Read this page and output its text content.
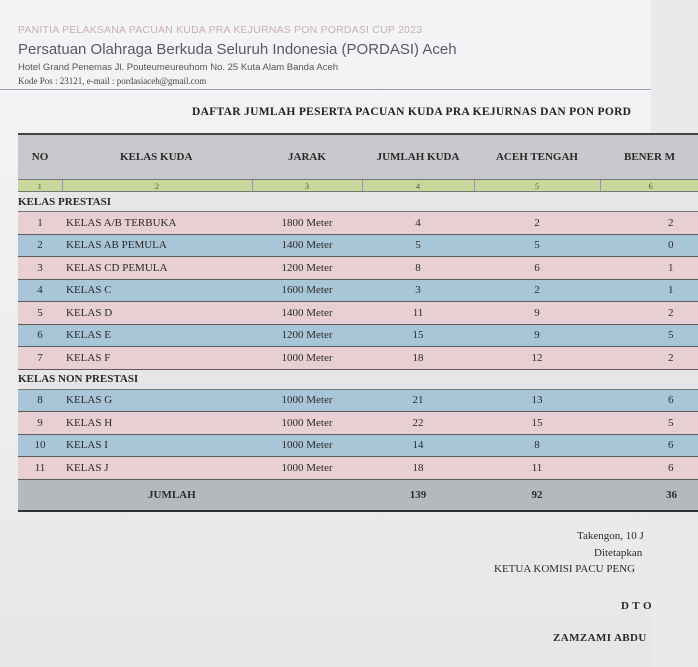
PANITIA PELAKSANA PACUAN KUDA PRA KEJURNAS PON PORDASI CUP 2023
Persatuan Olahraga Berkuda Seluruh Indonesia (PORDASI) Aceh
Hotel Grand Penemas Jl. Pouteumeureuhom No. 25 Kuta Alam Banda Aceh
Kode Pos : 23121, e-mail : pordasiaceh@gmail.com
DAFTAR JUMLAH PESERTA PACUAN KUDA PRA KEJURNAS DAN PON PORD
NO	KELAS KUDA	JARAK	JUMLAH KUDA	ACEH TENGAH	BENER M
1	2	3	4	5	6
KELAS PRESTASI					
1	KELAS A/B TERBUKA	1800 Meter	4	2	2
2	KELAS AB PEMULA	1400 Meter	5	5	0
3	KELAS CD PEMULA	1200 Meter	8	6	1
4	KELAS C	1600 Meter	3	2	1
5	KELAS D	1400 Meter	11	9	2
6	KELAS E	1200 Meter	15	9	5
7	KELAS F	1000 Meter	18	12	2
KELAS NON PRESTASI					
8	KELAS G	1000 Meter	21	13	6
9	KELAS H	1000 Meter	22	15	5
10	KELAS I	1000 Meter	14	8	6
11	KELAS J	1000 Meter	18	11	6
	JUMLAH		139	92	36
Takengon, 10 J
Ditetapkan
KETUA KOMISI PACU PENG
D T O
ZAMZAMI ABDU
